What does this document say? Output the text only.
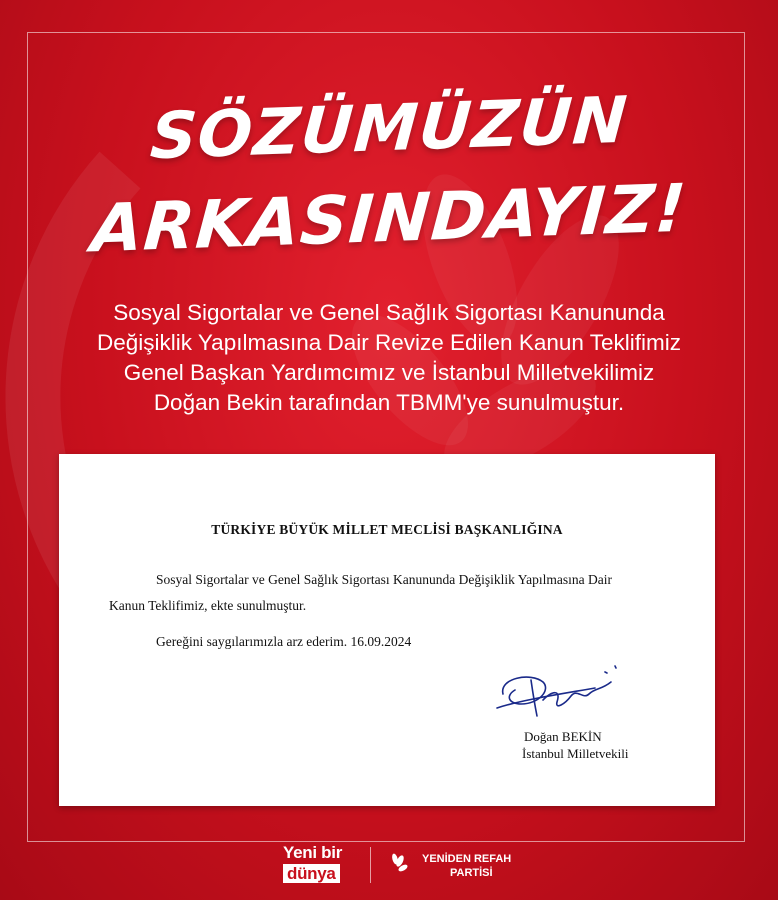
SÖZÜMÜZÜN
ARKASINDAYIZ!
Sosyal Sigortalar ve Genel Sağlık Sigortası Kanununda
Değişiklik Yapılmasına Dair Revize Edilen Kanun Teklifimiz
Genel Başkan Yardımcımız ve İstanbul Milletvekilimiz
Doğan Bekin tarafından TBMM'ye sunulmuştur.
TÜRKİYE BÜYÜK MİLLET MECLİSİ BAŞKANLIĞINA
Sosyal Sigortalar ve Genel Sağlık Sigortası Kanununda Değişiklik Yapılmasına Dair
Kanun Teklifimiz, ekte sunulmuştur.
Gereğini saygılarımızla arz ederim. 16.09.2024
Doğan BEKİN
İstanbul Milletvekili
Yeni bir
dünya
YENİDEN REFAH
PARTİSİ
